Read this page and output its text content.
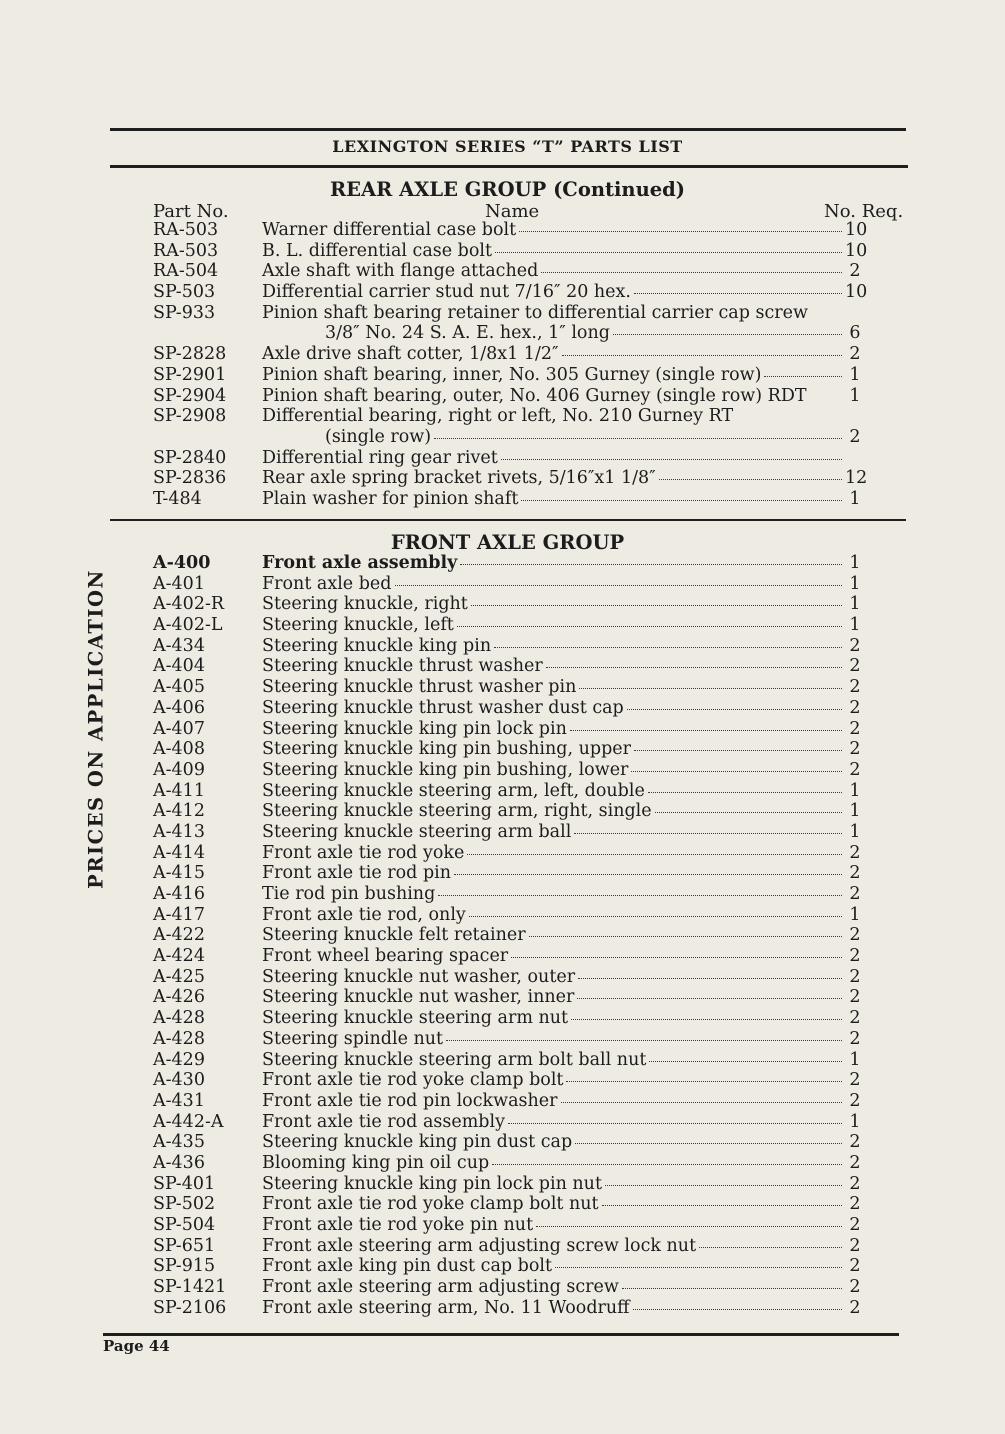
LEXINGTON SERIES “T” PARTS LIST
REAR AXLE GROUP (Continued)
Part No.	Name	No. Req.
RA-503	Warner differential case bolt	10
RA-503	B. L. differential case bolt	10
RA-504	Axle shaft with flange attached	2
SP-503	Differential carrier stud nut 7/16″ 20 hex.	10
SP-933	Pinion shaft bearing retainer to differential carrier cap screw
3/8″ No. 24 S. A. E. hex., 1″ long	6
SP-2828 Axle drive shaft cotter, 1/8x1 1/2″	2
SP-2901 Pinion shaft bearing, inner, No. 305 Gurney (single row)	1
SP-2904 Pinion shaft bearing, outer, No. 406 Gurney (single row) RDT 1
SP-2908 Differential bearing, right or left, No. 210 Gurney RT
(single row)	2
SP-2840 Differential ring gear rivet
SP-2836 Rear axle spring bracket rivets, 5/16″x1 1/8″	12
T-484	Plain washer for pinion shaft	1
FRONT AXLE GROUP
A-400	Front axle assembly	1
A-401	Front axle bed	1
A-402-R Steering knuckle, right	1
A-402-L Steering knuckle, left	1
A-434	Steering knuckle king pin	2
A-404	Steering knuckle thrust washer	2
A-405	Steering knuckle thrust washer pin	2
A-406	Steering knuckle thrust washer dust cap	2
A-407	Steering knuckle king pin lock pin	2
A-408	Steering knuckle king pin bushing, upper	2
A-409	Steering knuckle king pin bushing, lower	2
A-411	Steering knuckle steering arm, left, double	1
A-412	Steering knuckle steering arm, right, single	1
A-413	Steering knuckle steering arm ball	1
A-414	Front axle tie rod yoke	2
A-415	Front axle tie rod pin	2
A-416	Tie rod pin bushing	2
A-417	Front axle tie rod, only	1
A-422	Steering knuckle felt retainer	2
A-424	Front wheel bearing spacer	2
A-425	Steering knuckle nut washer, outer	2
A-426	Steering knuckle nut washer, inner	2
A-428	Steering knuckle steering arm nut	2
A-428	Steering spindle nut	2
A-429	Steering knuckle steering arm bolt ball nut	1
A-430	Front axle tie rod yoke clamp bolt	2
A-431	Front axle tie rod pin lockwasher	2
A-442-A Front axle tie rod assembly	1
A-435	Steering knuckle king pin dust cap	2
A-436	Blooming king pin oil cup	2
SP-401	Steering knuckle king pin lock pin nut	2
SP-502	Front axle tie rod yoke clamp bolt nut	2
SP-504	Front axle tie rod yoke pin nut	2
SP-651	Front axle steering arm adjusting screw lock nut	2
SP-915	Front axle king pin dust cap bolt	2
SP-1421 Front axle steering arm adjusting screw	2
SP-2106 Front axle steering arm, No. 11 Woodruff	2
Page 44
PRICES ON APPLICATION
